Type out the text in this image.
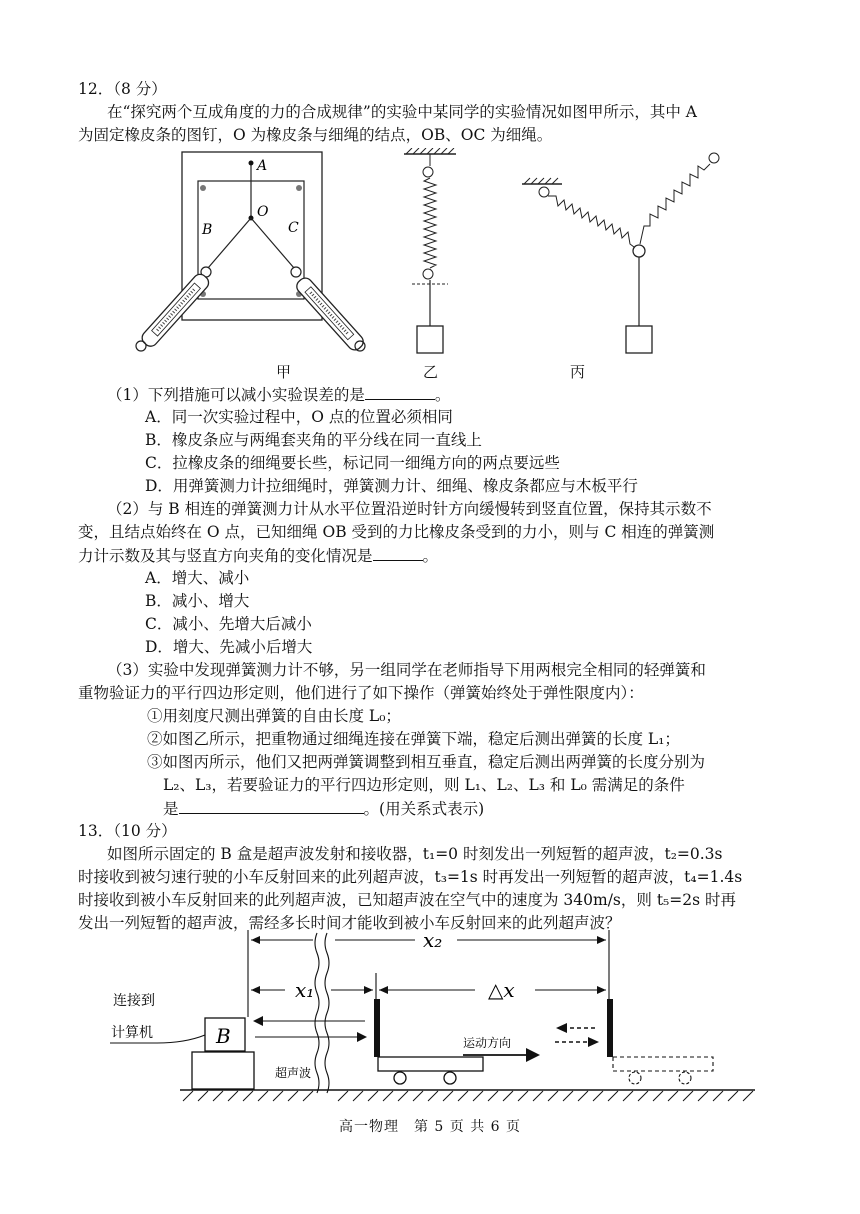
12．（8 分）
在“探究两个互成角度的力的合成规律”的实验中某同学的实验情况如图甲所示，其中 A
为固定橡皮条的图钉，O 为橡皮条与细绳的结点，OB、OC 为细绳。
A
O
B	C
甲	乙	丙
（1）下列措施可以减小实验误差的是	。
A．同一次实验过程中，O 点的位置必须相同
B．橡皮条应与两绳套夹角的平分线在同一直线上
C．拉橡皮条的细绳要长些，标记同一细绳方向的两点要远些
D．用弹簧测力计拉细绳时，弹簧测力计、细绳、橡皮条都应与木板平行
（2）与 B 相连的弹簧测力计从水平位置沿逆时针方向缓慢转到竖直位置，保持其示数不
变，且结点始终在 O 点，已知细绳 OB 受到的力比橡皮条受到的力小，则与 C 相连的弹簧测
力计示数及其与竖直方向夹角的变化情况是	。
A．增大、减小
B．减小、增大
C．减小、先增大后减小
D．增大、先减小后增大
（3）实验中发现弹簧测力计不够，另一组同学在老师指导下用两根完全相同的轻弹簧和
重物验证力的平行四边形定则，他们进行了如下操作（弹簧始终处于弹性限度内）：
①用刻度尺测出弹簧的自由长度 L₀；
②如图乙所示，把重物通过细绳连接在弹簧下端，稳定后测出弹簧的长度 L₁；
③如图丙所示，他们又把两弹簧调整到相互垂直，稳定后测出两弹簧的长度分别为
L₂、L₃，若要验证力的平行四边形定则，则 L₁、L₂、L₃ 和 L₀ 需满足的条件
是	。(用关系式表示)
13．（10 分）
如图所示固定的 B 盒是超声波发射和接收器，t₁=0 时刻发出一列短暂的超声波，t₂=0.3s
时接收到被匀速行驶的小车反射回来的此列超声波，t₃=1s 时再发出一列短暂的超声波，t₄=1.4s
时接收到被小车反射回来的此列超声波，已知超声波在空气中的速度为 340m/s，则 t₅=2s 时再
发出一列短暂的超声波，需经多长时间才能收到被小车反射回来的此列超声波？
B
x₂
x₁	△x
连接到
计算机
超声波
运动方向
高一物理　第 5 页 共 6 页
